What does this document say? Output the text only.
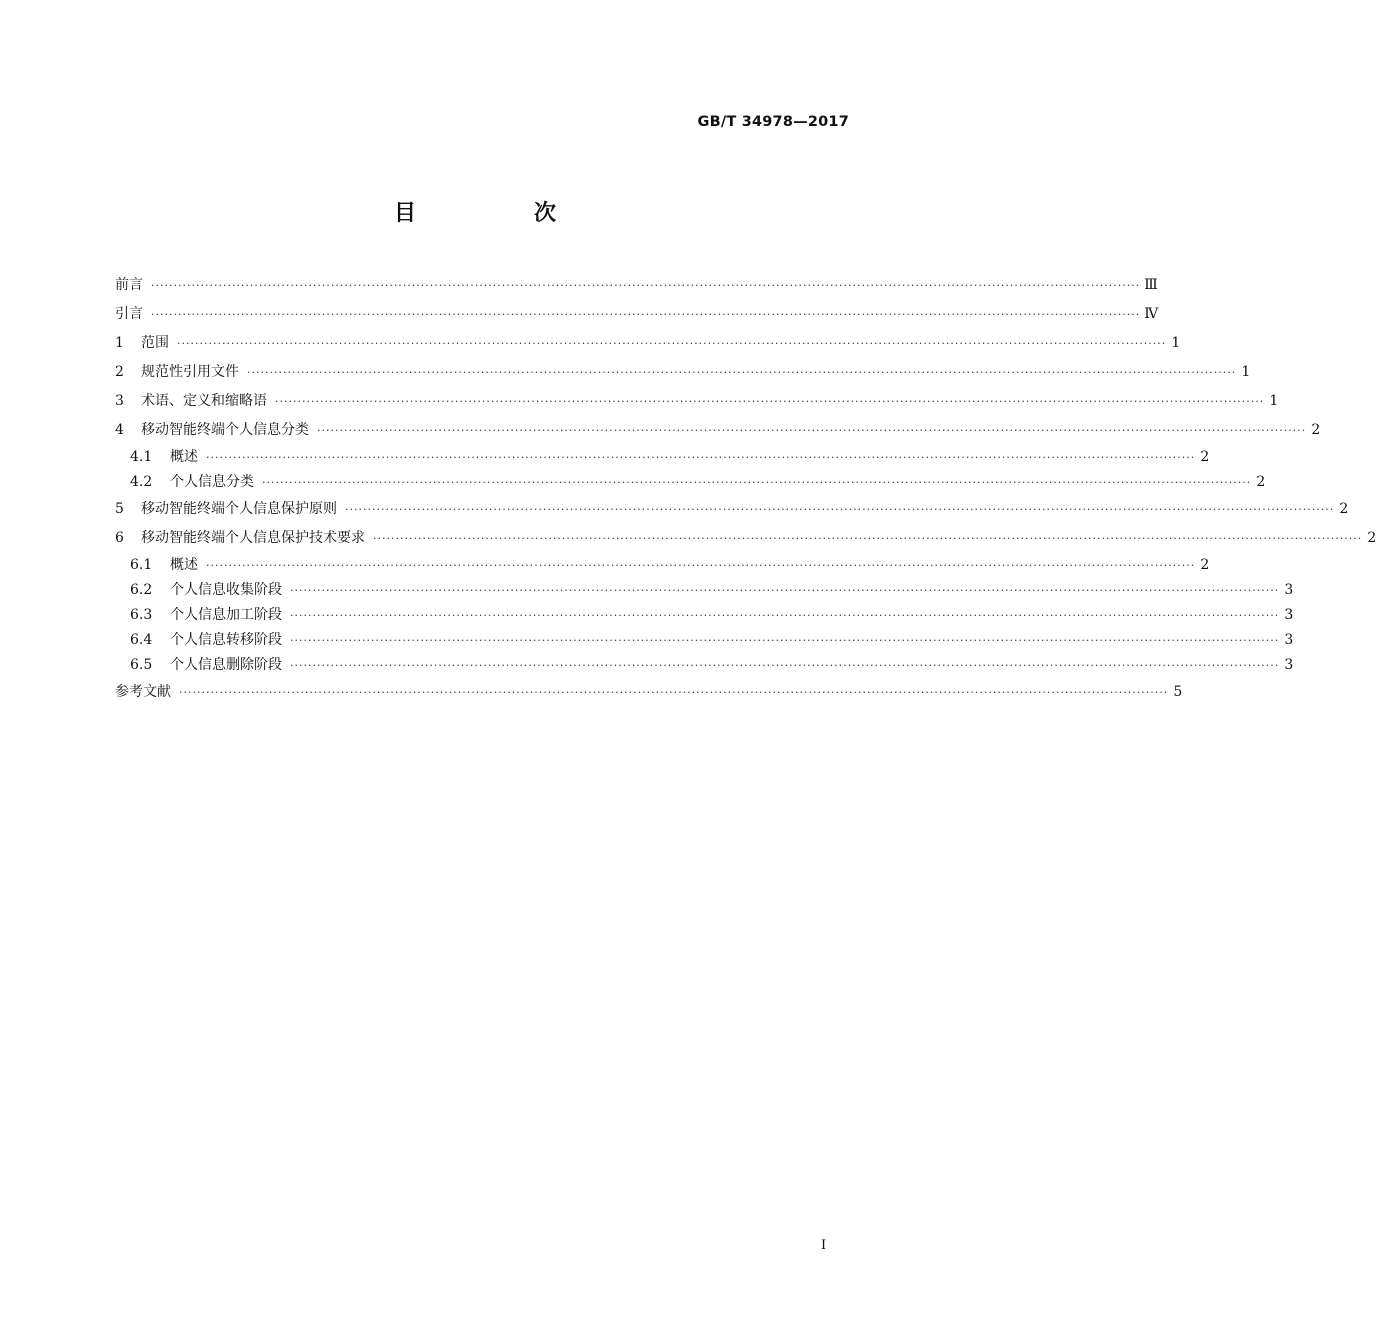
GB/T 34978—2017
目　次
前言 ···························································································································································································································· Ⅲ
引言 ···························································································································································································································· Ⅳ
1	范围 ···························································································································································································································· 1
2	规范性引用文件 ···························································································································································································································· 1
3	术语、定义和缩略语 ···························································································································································································································· 1
4	移动智能终端个人信息分类 ···························································································································································································································· 2
4.1	概述 ···························································································································································································································· 2
4.2	个人信息分类 ···························································································································································································································· 2
5	移动智能终端个人信息保护原则 ···························································································································································································································· 2
6	移动智能终端个人信息保护技术要求 ···························································································································································································································· 2
6.1	概述 ···························································································································································································································· 2
6.2	个人信息收集阶段 ···························································································································································································································· 3
6.3	个人信息加工阶段 ···························································································································································································································· 3
6.4	个人信息转移阶段 ···························································································································································································································· 3
6.5	个人信息删除阶段 ···························································································································································································································· 3
参考文献 ···························································································································································································································· 5
Ⅰ
